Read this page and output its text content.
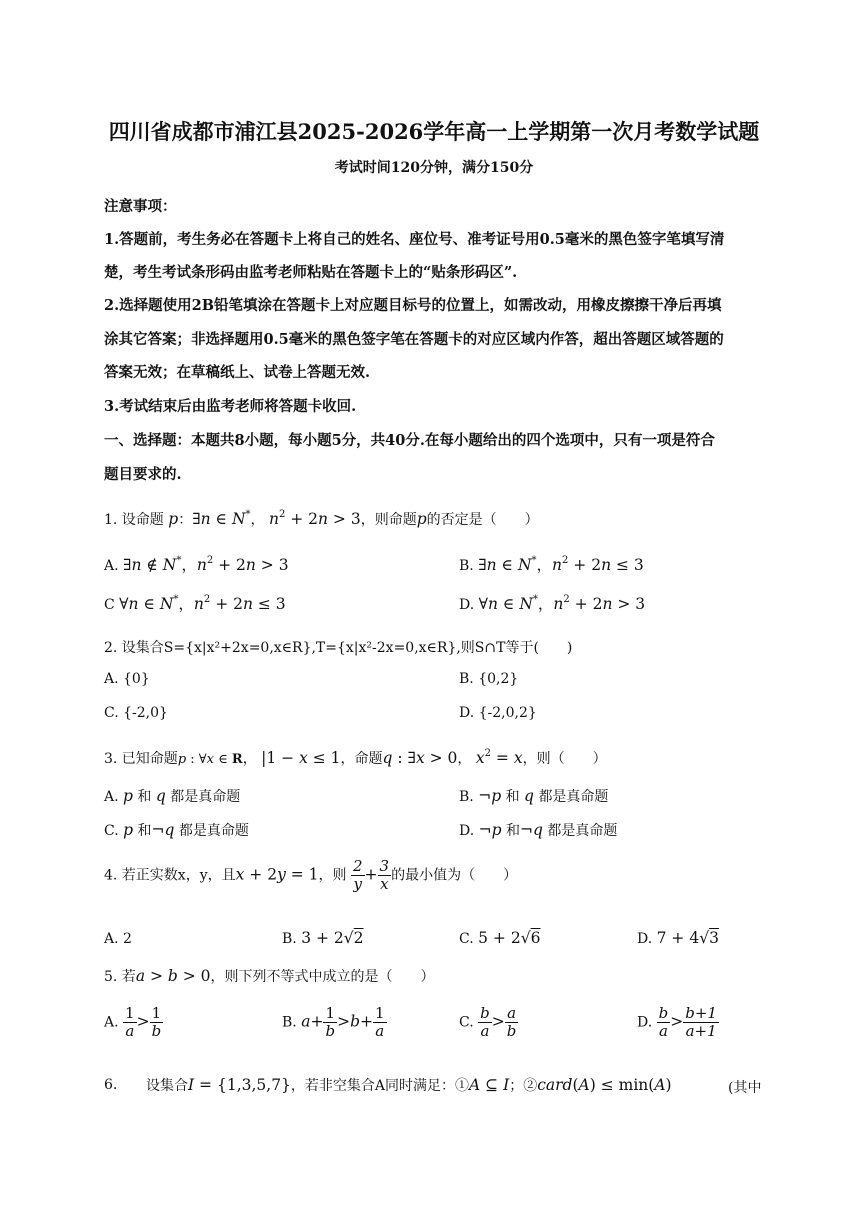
四川省成都市浦江县2025-2026学年高一上学期第一次月考数学试题
考试时间120分钟，满分150分
注意事项：
1.答题前，考生务必在答题卡上将自己的姓名、座位号、准考证号用0.5毫米的黑色签字笔填写清
楚，考生考试条形码由监考老师粘贴在答题卡上的“贴条形码区”.
2.选择题使用2B铅笔填涂在答题卡上对应题目标号的位置上，如需改动，用橡皮擦擦干净后再填
涂其它答案；非选择题用0.5毫米的黑色签字笔在答题卡的对应区域内作答，超出答题区域答题的
答案无效；在草稿纸上、试卷上答题无效.
3.考试结束后由监考老师将答题卡收回.
一、选择题：本题共8小题，每小题5分，共40分.在每小题给出的四个选项中，只有一项是符合
题目要求的.
1. 设命题 p：∃n ∈ N*， $n^2 + 2n > 3$，则命题p的否定是（　　）
A. ∃n ∉ N*，$n^2 + 2n > 3$	B. ∃n ∈ N*，$n^2 + 2n \le 3$
C ∀n ∈ N*，$n^2 + 2n \le 3$	D. ∀n ∈ N*，$n^2 + 2n > 3$
2. 设集合S={x|x²+2x=0,x∈R},T={x|x²-2x=0,x∈R},则S∩T等于(　　)
A. {0}	B. {0,2}
C. {-2,0}	D. {-2,0,2}
3. 已知命题p : ∀x ∈ R， |1 − x ≤ 1，命题q : ∃x > 0， $x^2 = x$，则（　　）
A. p 和 q 都是真命题	B. ¬p 和 q 都是真命题
C. p 和¬q 都是真命题	D. ¬p 和¬q 都是真命题
4. 若正实数x，y，且x + 2y = 1，则 $\frac{2}{y} + \frac{3}{x}$ 的最小值为（　　）
A. 2	B. 3 + 2√2	C. 5 + 2√6	D. 7 + 4√3
5. 若a > b > 0，则下列不等式中成立的是（　　）
A. $\frac{1}{a} > \frac{1}{b}$	B. $a+ \frac{1}{b} >b+ \frac{1}{a}$	C. $\frac{b}{a} > \frac{a}{b}$	D. $\frac{b}{a} > \frac{b+1}{a+1}$
6. 设集合I = {1,3,5,7}，若非空集合A同时满足：①A ⊆ I；②card(A) ≤ min(A)	(其中
